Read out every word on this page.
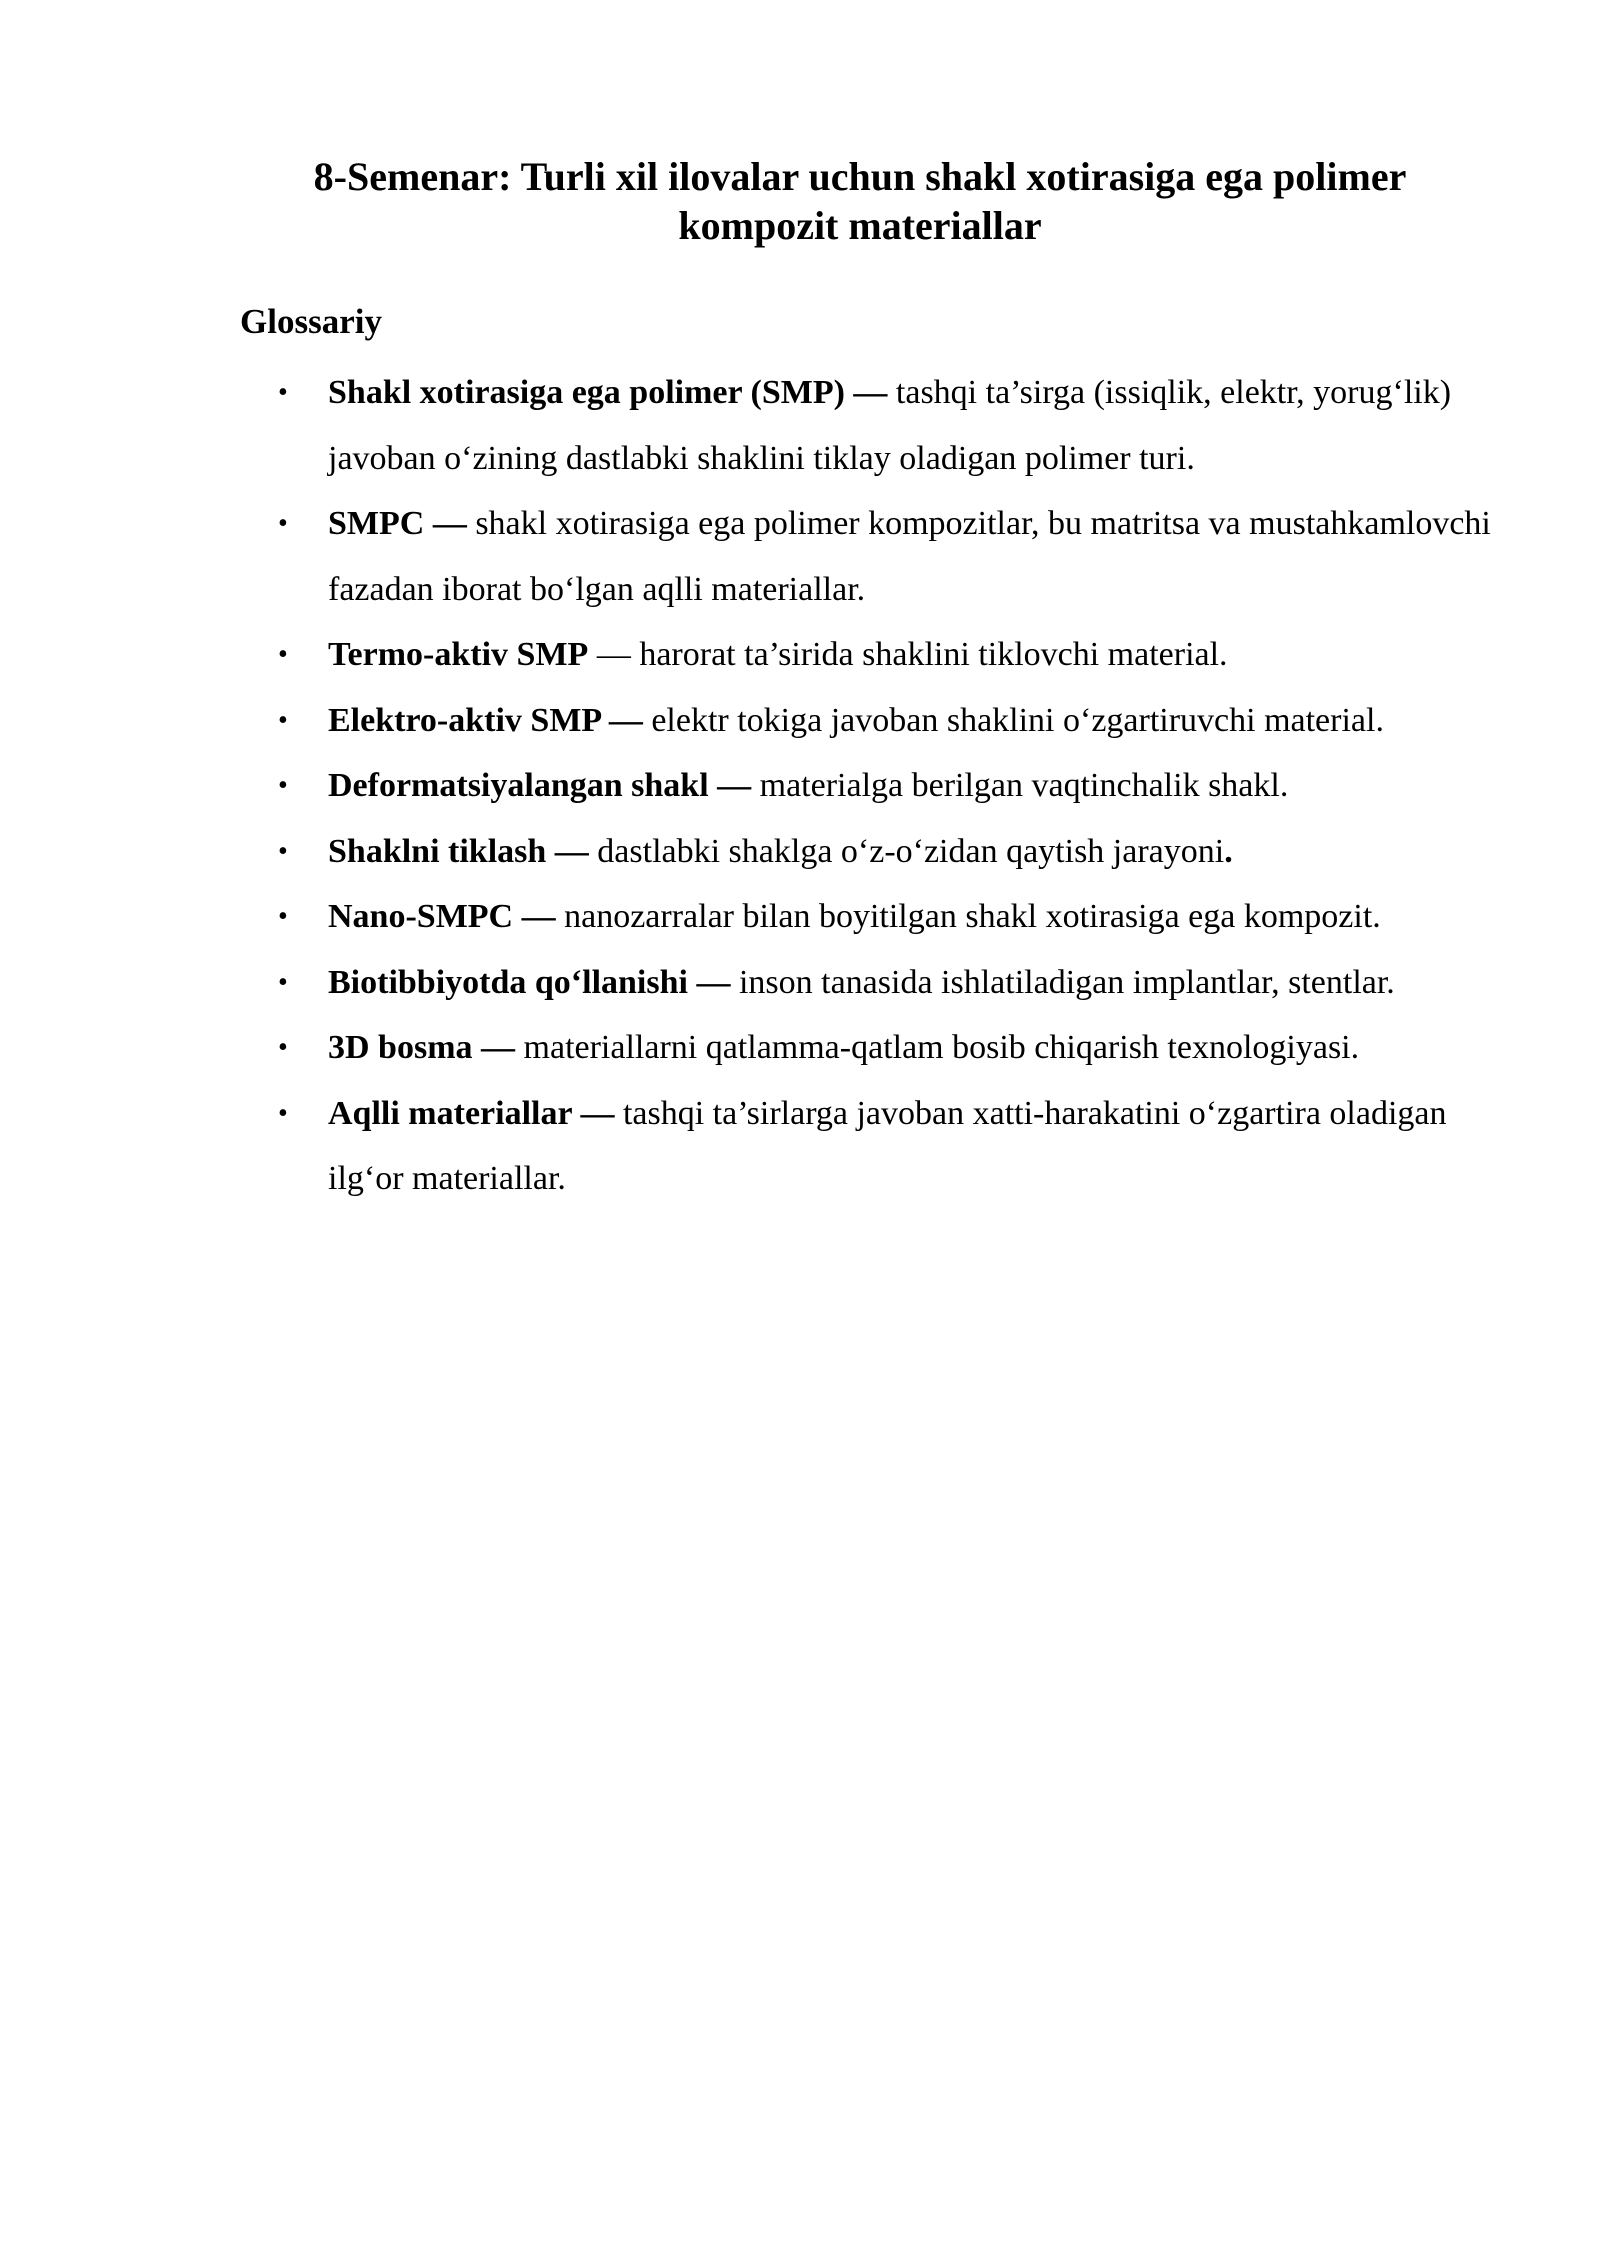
8-Semenar: Turli xil ilovalar uchun shakl xotirasiga ega polimer kompozit materiallar
Glossariy
• Shakl xotirasiga ega polimer (SMP) — tashqi ta’sirga (issiqlik, elektr, yorug‘lik) javoban o‘zining dastlabki shaklini tiklay oladigan polimer turi.
• SMPC — shakl xotirasiga ega polimer kompozitlar, bu matritsa va mustahkamlovchi fazadan iborat bo‘lgan aqlli materiallar.
• Termo-aktiv SMP — harorat ta’sirida shaklini tiklovchi material.
• Elektro-aktiv SMP — elektr tokiga javoban shaklini o‘zgartiruvchi material.
• Deformatsiyalangan shakl — materialga berilgan vaqtinchalik shakl.
• Shaklni tiklash — dastlabki shaklga o‘z-o‘zidan qaytish jarayoni.
• Nano-SMPC — nanozarralar bilan boyitilgan shakl xotirasiga ega kompozit.
• Biotibbiyotda qo‘llanishi — inson tanasida ishlatiladigan implantlar, stentlar.
• 3D bosma — materiallarni qatlamma-qatlam bosib chiqarish texnologiyasi.
• Aqlli materiallar — tashqi ta’sirlarga javoban xatti-harakatini o‘zgartira oladigan ilg‘or materiallar.
